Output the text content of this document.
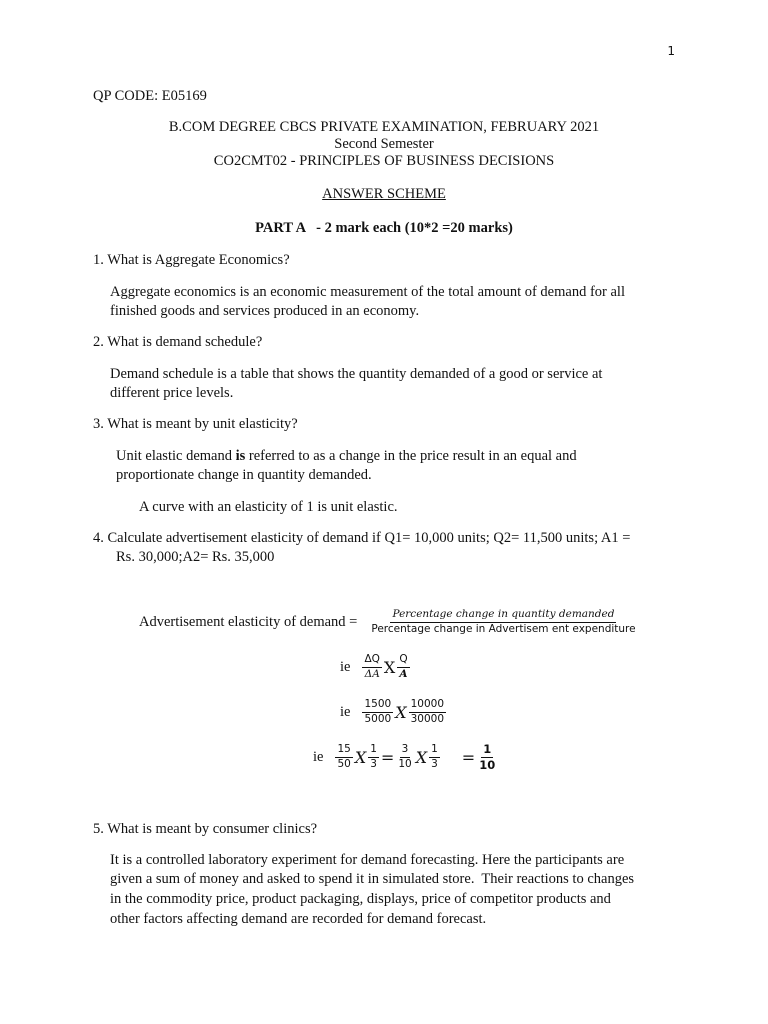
1
QP CODE: E05169
B.COM DEGREE CBCS PRIVATE EXAMINATION, FEBRUARY 2021
Second Semester
CO2CMT02 - PRINCIPLES OF BUSINESS DECISIONS
ANSWER SCHEME
PART A   - 2 mark each (10*2 =20 marks)
1. What is Aggregate Economics?
Aggregate economics is an economic measurement of the total amount of demand for all
finished goods and services produced in an economy.
2. What is demand schedule?
Demand schedule is a table that shows the quantity demanded of a good or service at
different price levels.
3. What is meant by unit elasticity?
Unit elastic demand is referred to as a change in the price result in an equal and
proportionate change in quantity demanded.
A curve with an elasticity of 1 is unit elastic.
4. Calculate advertisement elasticity of demand if Q1= 10,000 units; Q2= 11,500 units; A1 =
Rs. 30,000;A2= Rs. 35,000
Advertisement elasticity of demand = $\frac{\text{Percentage change in quantity demanded}}{\text{Percentage change in Advertisem ent expenditure}}$
ie $\frac{\Delta Q}{\Delta A}$ X $\frac{Q}{A}$
ie $\frac{1500}{5000}$ X $\frac{10000}{30000}$
ie $\frac{15}{50}$ X $\frac{1}{3} = \frac{3}{10}$ X $\frac{1}{3} = \frac{1}{10}$
5. What is meant by consumer clinics?
It is a controlled laboratory experiment for demand forecasting. Here the participants are
given a sum of money and asked to spend it in simulated store.  Their reactions to changes
in the commodity price, product packaging, displays, price of competitor products and
other factors affecting demand are recorded for demand forecast.
